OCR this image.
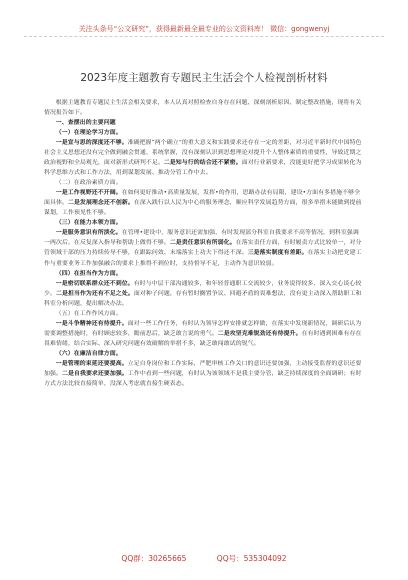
关注头条号“公文研究”，获得最新最全最专业的公文资料库！ 微信：gongwenyj
2023年度主题教育专题民主生活会个人检视剖析材料

根据主题教育专题民主生活会相关要求，本人认真对照检查自身存在问题、深刻剖析原因、制定整改措施，现将有关情况报告如下。

一、查摆出的主要问题

（一）在理论学习方面。

一是宣与思的深度还不够。准确把握“两个确立”的重大意义和实践要求还存在一定的差距，对习近平新时代中国特色社会主义思想还没有完全做到融会贯通、系统掌握，没有深刻认识到思想理论对提升个人整体素质的重要性，导致近期之政治视野和全局观光，面对新形式研判不足。二是知与行的结合还不紧密。面对行业新要求，没能更好把学习成果转化为科学思维方式和工作方法，用到谋划发展、推动分管工作中去。

（二）在政治素质方面。

一是工作视野还不开阔。在如何更好推动•高质量发展，发挥•的作用，思路办法有局限，建设•方面有多措施不够全面具体。二是发展理念还不创新。在深入践行以人民为中心的服务理念，顺应科学发展趋势方面，很多举措未能做到提前谋划，工作预见性不够。

（三）在能力本领方面。

一是服务意识有所淡化。在管理•建设中，服务意识还需加强，有时发现部分科室自我要求不高等情况，到科室强调一两次后，在反复深入指导和帮助上做得不够。二是责任意识有所弱化。在落实责任方面，有时履责方式比较单一，对分管领域干部的压力持续传导不够，在跟踪问效、末端落实上功夫下得还不深。三是落实制度有差距。在落实主动把党建工作与重要业务工作加强融合的要求上推得不到位时，支持督导不足，主动作为意识较弱。

（四）在担当作为方面。

一是密切联系群众还不到位。有时与中层干部沟通较多，和年轻普通职工交流较少，业务说得较多，深入交心谈心较少。二是担当作为还有不足之处。面对种子问题，存有暂时搁置争议、回避矛盾的畏难想法，没有更主动深入帮助职工和科室分析问题，提出解决办法。

（五）在工作作风方面。

一是斗争精神还有待提升。面对一些工作任务，有时认为领导怎样安排就怎样做，在落实中发现新情况，调研后认为需要调整措施时，有时顾虑较多，瞻前思后，缺乏敢言说的勇气。二是攻坚克难锐劲还有待提升。在有时遇到困难有存在畏难情绪，结合实际、深入研究问题有效破解的举措不多，缺乏敢闯敢试的锐气。

（六）在廉洁自律方面。

一是管理的束延还要提高。立足自身岗位和工作实际，严肥审核工作关口的意识还要加强，主动接受监督的意识还要加强。二是自我要求还要加强。工作中看到一些问题，有时认为该领域不是我主要分管，缺乏持续深度的全面调研；有时方式方法比较直接简单，没深入考虑就直接生硬表态。

QQ群：30265665	QQ号：535304092
